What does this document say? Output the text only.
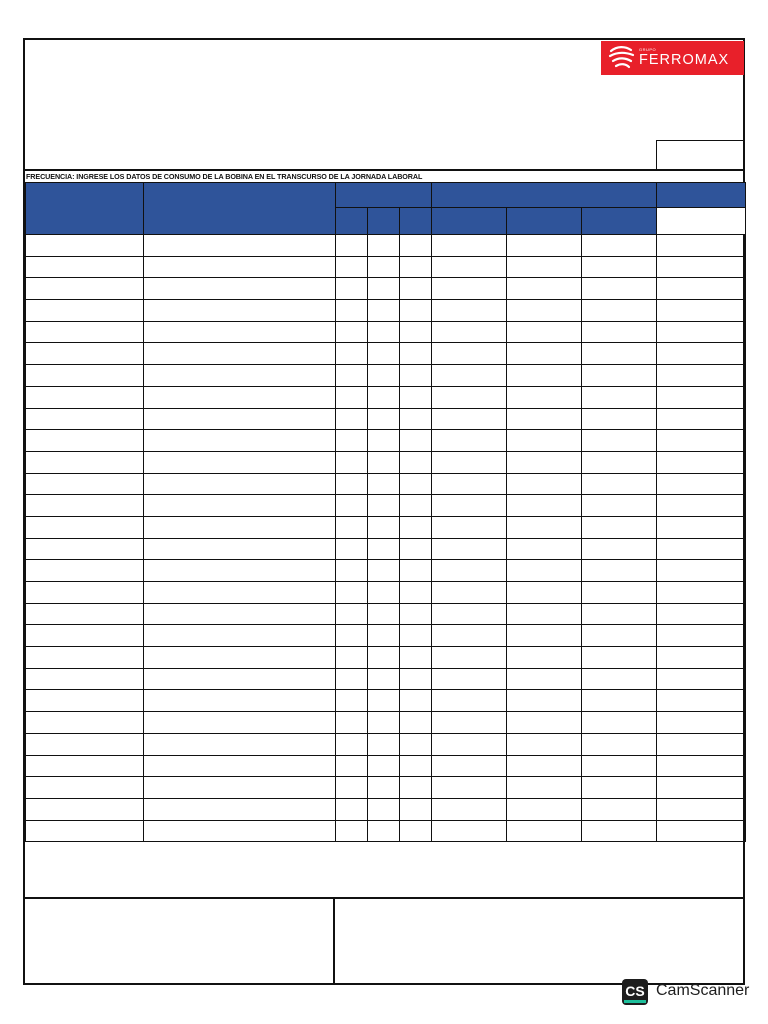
GRUPO
FERROMAX
FRECUENCIA: INGRESE LOS DATOS DE CONSUMO DE LA BOBINA EN EL TRANSCURSO DE LA JORNADA LABORAL

CS CamScanner
